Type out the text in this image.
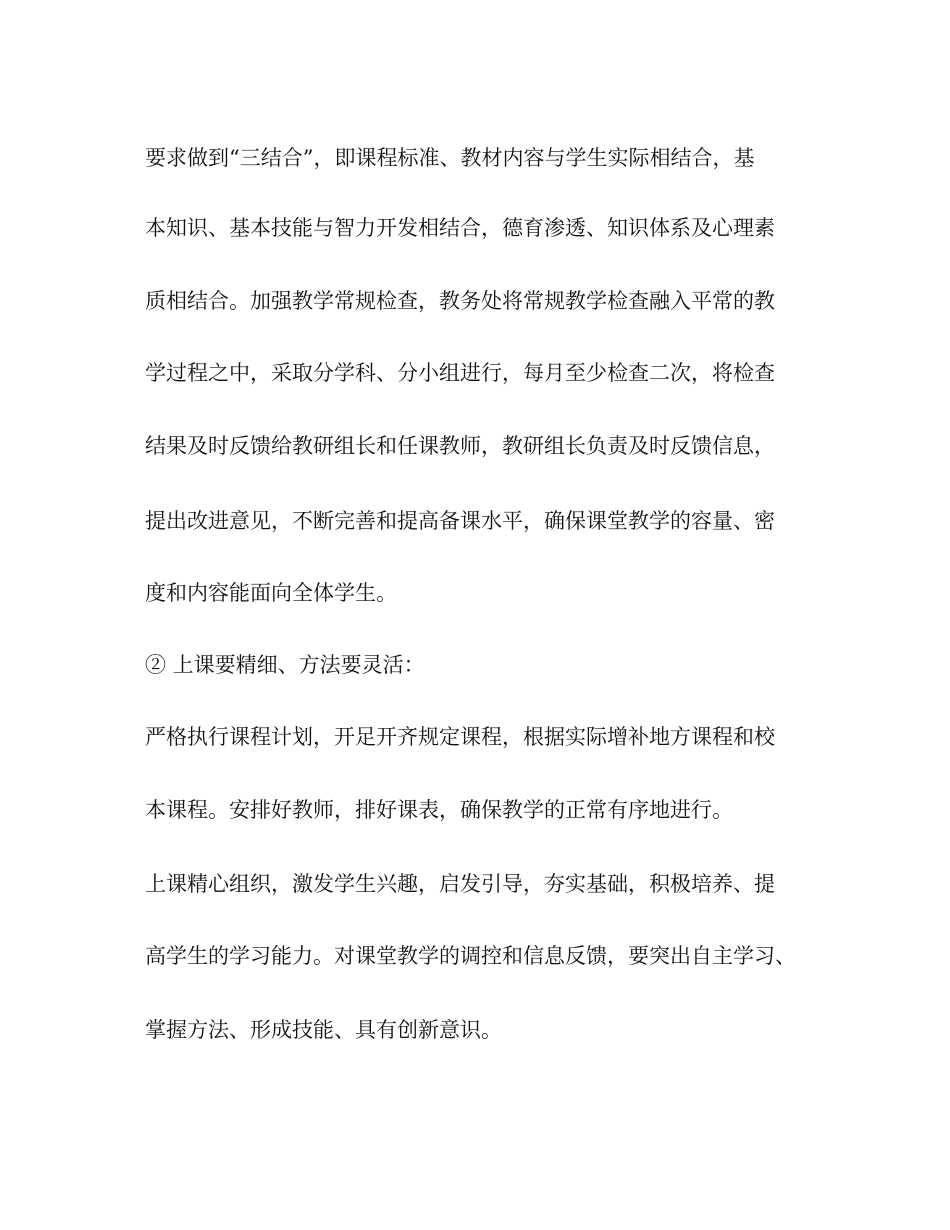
要求做到“三结合”，即课程标准、教材内容与学生实际相结合，基
本知识、基本技能与智力开发相结合，德育渗透、知识体系及心理素
质相结合。加强教学常规检查，教务处将常规教学检查融入平常的教
学过程之中，采取分学科、分小组进行，每月至少检查二次，将检查
结果及时反馈给教研组长和任课教师，教研组长负责及时反馈信息，
提出改进意见，不断完善和提高备课水平，确保课堂教学的容量、密
度和内容能面向全体学生。
② 上课要精细、方法要灵活：
严格执行课程计划，开足开齐规定课程，根据实际增补地方课程和校
本课程。安排好教师，排好课表，确保教学的正常有序地进行。
上课精心组织，激发学生兴趣，启发引导，夯实基础，积极培养、提
高学生的学习能力。对课堂教学的调控和信息反馈，要突出自主学习、
掌握方法、形成技能、具有创新意识。
